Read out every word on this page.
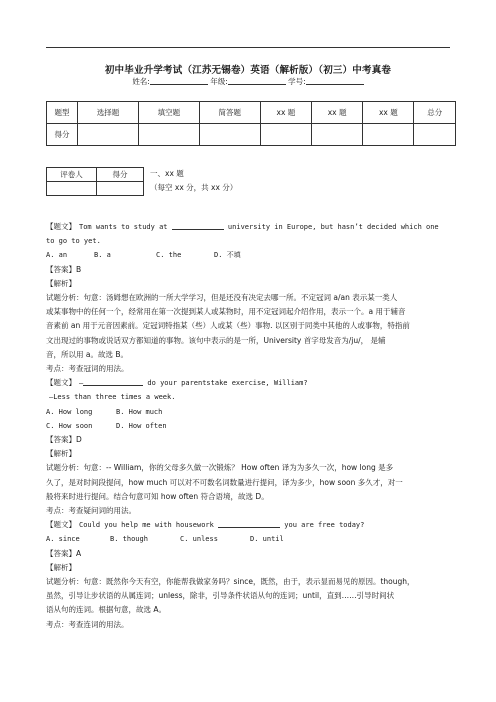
初中毕业升学考试（江苏无锡卷）英语（解析版）（初三）中考真卷
姓名:	年级:	学号:
题型	选择题	填空题	简答题	xx 题	xx 题	xx 题	总分
得分							
评卷人	得分
		一、xx 题
（每空 xx 分，共 xx 分）

【题文】 Tom wants to study at	university in Europe, but hasn’t decided which one

to go to yet.

A. an	B. a	C. the	D. 不填

【答案】B

【解析】

试题分析：句意：汤姆想在欧洲的一所大学学习，但是还没有决定去哪一所。不定冠词 a/an 表示某一类人

或某事物中的任何一个，经常用在第一次提到某人或某物时，用不定冠词起介绍作用，表示一个。a 用于辅音

音素前 an 用于元音因素前。定冠词特指某（些）人或某（些）事物. 以区别于同类中其他的人或事物，特指前

文出现过的事物或说话双方都知道的事物。该句中表示的是一所，University 首字母发音为/ju/， 是辅

音，所以用 a。故选 B。

考点：考查冠词的用法。

【题文】 —	do your parentstake exercise, William?

—Less than three times a week.

A. How long	B. How much

C. How soon	D. How often

【答案】D

【解析】

试题分析：句意：-- William，你的父母多久做一次锻炼？ How often 译为为多久一次，how long 是多

久了，是对时间段提问，how much 可以对不可数名词数量进行提问，译为多少，how soon 多久才，对一

般将来时进行提问。结合句意可知 how often 符合语境，故选 D。

考点：考查疑问词的用法。

【题文】 Could you help me with housework	you are free today?

A. since	B. though	C. unless	D. until

【答案】A

【解析】

试题分析：句意：既然你今天有空，你能帮我做家务吗？since，既然，由于，表示显而易见的原因。though，

虽然，引导让步状语的从属连词；unless，除非，引导条件状语从句的连词；until，直到……引导时间状

语从句的连词。根据句意，故选 A。

考点：考查连词的用法。
